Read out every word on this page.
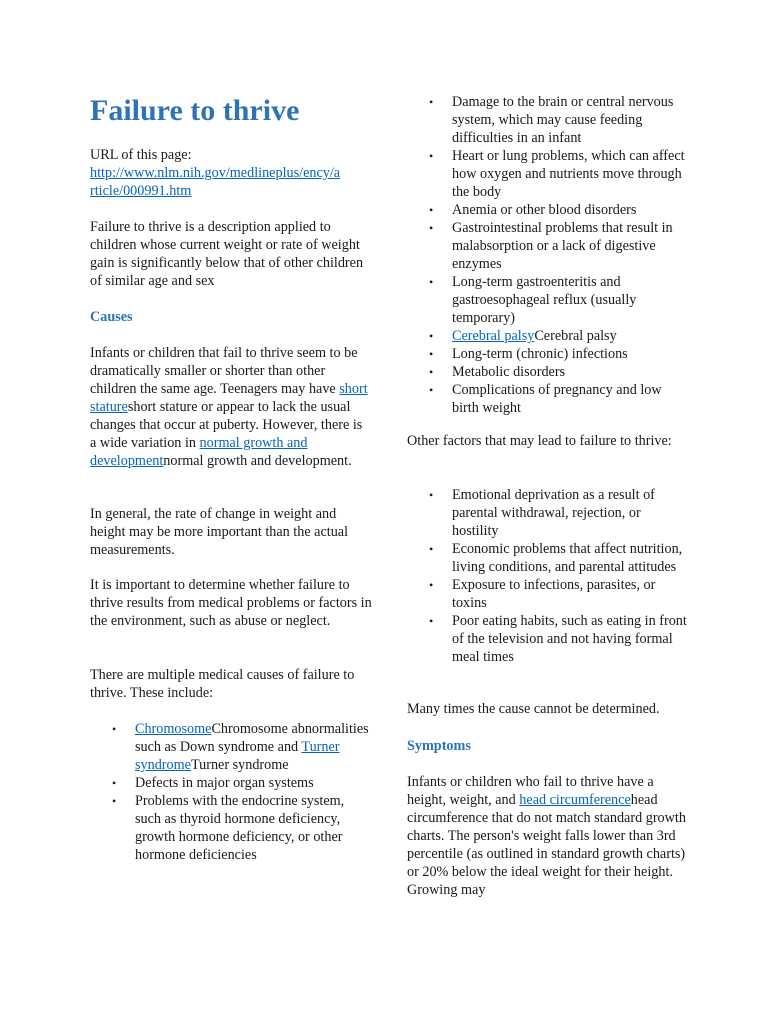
Failure to thrive

URL of this page:

http://www.nlm.nih.gov/medlineplus/ency/a
rticle/000991.htm

Failure to thrive is a description applied to children whose current weight or rate of weight gain is significantly below that of other children of similar age and sex

Causes

Infants or children that fail to thrive seem to be dramatically smaller or shorter than other children the same age. Teenagers may have short statureshort stature or appear to lack the usual changes that occur at puberty. However, there is a wide variation in normal growth and developmentnormal growth and development.

In general, the rate of change in weight and height may be more important than the actual measurements.

It is important to determine whether failure to thrive results from medical problems or factors in the environment, such as abuse or neglect.

There are multiple medical causes of failure to thrive. These include:

• ChromosomeChromosome abnormalities such as Down syndrome and Turner syndromeTurner syndrome
• Defects in major organ systems
• Problems with the endocrine system, such as thyroid hormone deficiency, growth hormone deficiency, or other hormone deficiencies
• Damage to the brain or central nervous system, which may cause feeding difficulties in an infant
• Heart or lung problems, which can affect how oxygen and nutrients move through the body
• Anemia or other blood disorders
• Gastrointestinal problems that result in malabsorption or a lack of digestive enzymes
• Long-term gastroenteritis and gastroesophageal reflux (usually temporary)
• Cerebral palsyCerebral palsy
• Long-term (chronic) infections
• Metabolic disorders
• Complications of pregnancy and low birth weight

Other factors that may lead to failure to thrive:

• Emotional deprivation as a result of parental withdrawal, rejection, or hostility
• Economic problems that affect nutrition, living conditions, and parental attitudes
• Exposure to infections, parasites, or toxins
• Poor eating habits, such as eating in front of the television and not having formal meal times

Many times the cause cannot be determined.

Symptoms

Infants or children who fail to thrive have a height, weight, and head circumferencehead circumference that do not match standard growth charts. The person's weight falls lower than 3rd percentile (as outlined in standard growth charts) or 20% below the ideal weight for their height. Growing may
